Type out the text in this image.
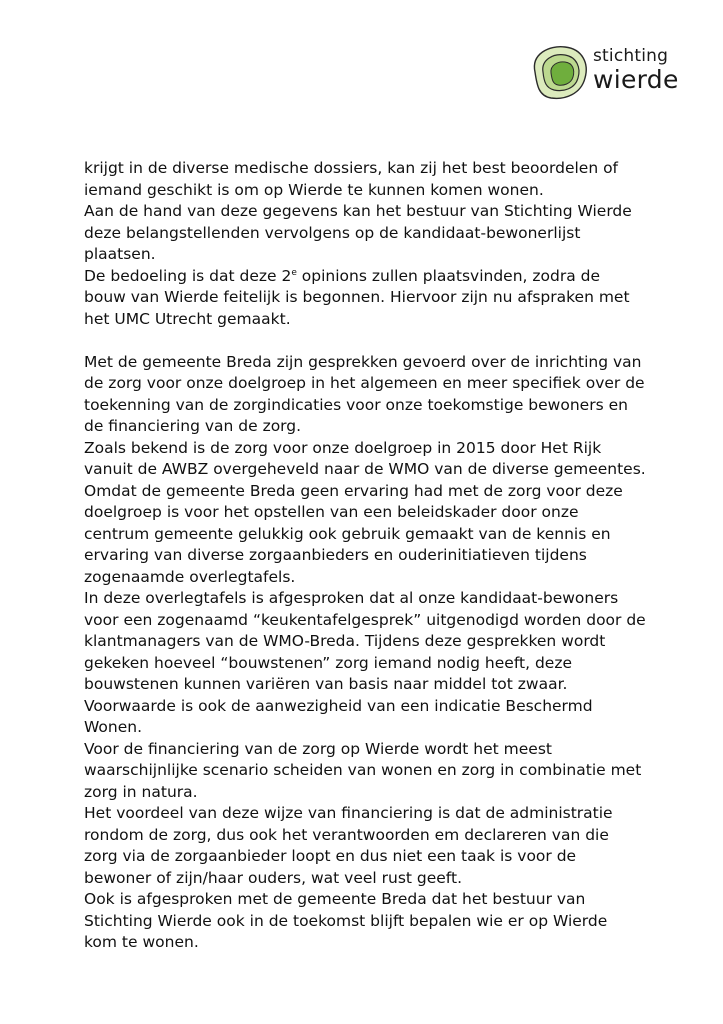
stichting
wierde
krijgt in de diverse medische dossiers, kan zij het best beoordelen of
iemand geschikt is om op Wierde te kunnen komen wonen.
Aan de hand van deze gegevens kan het bestuur van Stichting Wierde
deze belangstellenden vervolgens op de kandidaat-bewonerlijst
plaatsen.
De bedoeling is dat deze 2e opinions zullen plaatsvinden, zodra de
bouw van Wierde feitelijk is begonnen. Hiervoor zijn nu afspraken met
het UMC Utrecht gemaakt.
Met de gemeente Breda zijn gesprekken gevoerd over de inrichting van
de zorg voor onze doelgroep in het algemeen en meer specifiek over de
toekenning van de zorgindicaties voor onze toekomstige bewoners en
de financiering van de zorg.
Zoals bekend is de zorg voor onze doelgroep in 2015 door Het Rijk
vanuit de AWBZ overgeheveld naar de WMO van de diverse gemeentes.
Omdat de gemeente Breda geen ervaring had met de zorg voor deze
doelgroep is voor het opstellen van een beleidskader door onze
centrum gemeente gelukkig ook gebruik gemaakt van de kennis en
ervaring van diverse zorgaanbieders en ouderinitiatieven tijdens
zogenaamde overlegtafels.
In deze overlegtafels is afgesproken dat al onze kandidaat-bewoners
voor een zogenaamd “keukentafelgesprek” uitgenodigd worden door de
klantmanagers van de WMO-Breda. Tijdens deze gesprekken wordt
gekeken hoeveel “bouwstenen” zorg iemand nodig heeft, deze
bouwstenen kunnen variëren van basis naar middel tot zwaar.
Voorwaarde is ook de aanwezigheid van een indicatie Beschermd
Wonen.
Voor de financiering van de zorg op Wierde wordt het meest
waarschijnlijke scenario scheiden van wonen en zorg in combinatie met
zorg in natura.
Het voordeel van deze wijze van financiering is dat de administratie
rondom de zorg, dus ook het verantwoorden em declareren van die
zorg via de zorgaanbieder loopt en dus niet een taak is voor de
bewoner of zijn/haar ouders, wat veel rust geeft.
Ook is afgesproken met de gemeente Breda dat het bestuur van
Stichting Wierde ook in de toekomst blijft bepalen wie er op Wierde
kom te wonen.
